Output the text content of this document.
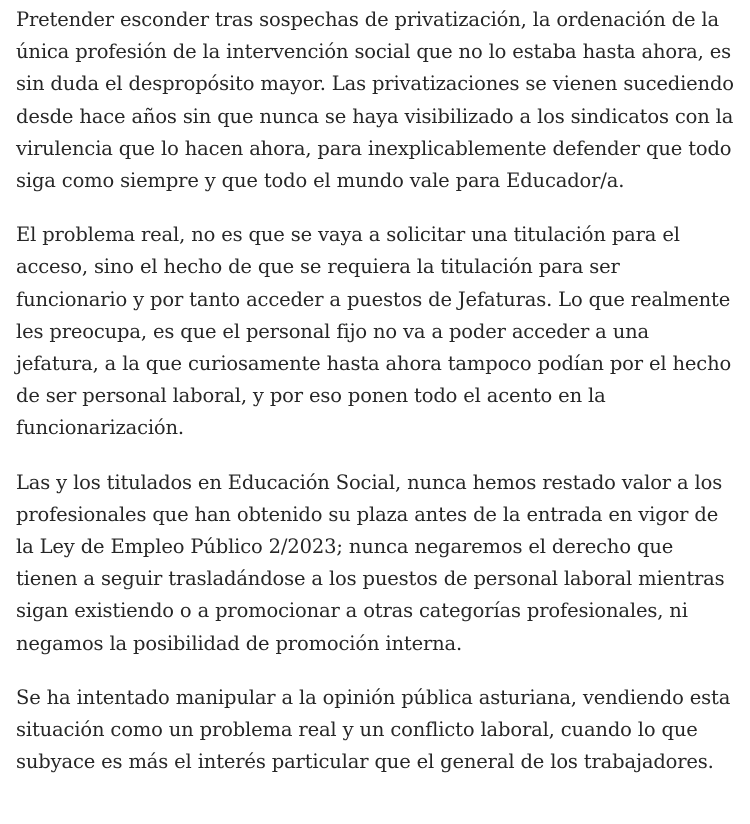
Pretender esconder tras sospechas de privatización, la ordenación de la única profesión de la intervención social que no lo estaba hasta ahora, es sin duda el despropósito mayor. Las privatizaciones se vienen sucediendo desde hace años sin que nunca se haya visibilizado a los sindicatos con la virulencia que lo hacen ahora, para inexplicablemente defender que todo siga como siempre y que todo el mundo vale para Educador/a.

El problema real, no es que se vaya a solicitar una titulación para el acceso, sino el hecho de que se requiera la titulación para ser funcionario y por tanto acceder a puestos de Jefaturas. Lo que realmente les preocupa, es que el personal fijo no va a poder acceder a una jefatura, a la que curiosamente hasta ahora tampoco podían por el hecho de ser personal laboral, y por eso ponen todo el acento en la funcionarización.

Las y los titulados en Educación Social, nunca hemos restado valor a los profesionales que han obtenido su plaza antes de la entrada en vigor de la Ley de Empleo Público 2/2023; nunca negaremos el derecho que tienen a seguir trasladándose a los puestos de personal laboral mientras sigan existiendo o a promocionar a otras categorías profesionales, ni negamos la posibilidad de promoción interna.

Se ha intentado manipular a la opinión pública asturiana, vendiendo esta situación como un problema real y un conflicto laboral, cuando lo que subyace es más el interés particular que el general de los trabajadores.
